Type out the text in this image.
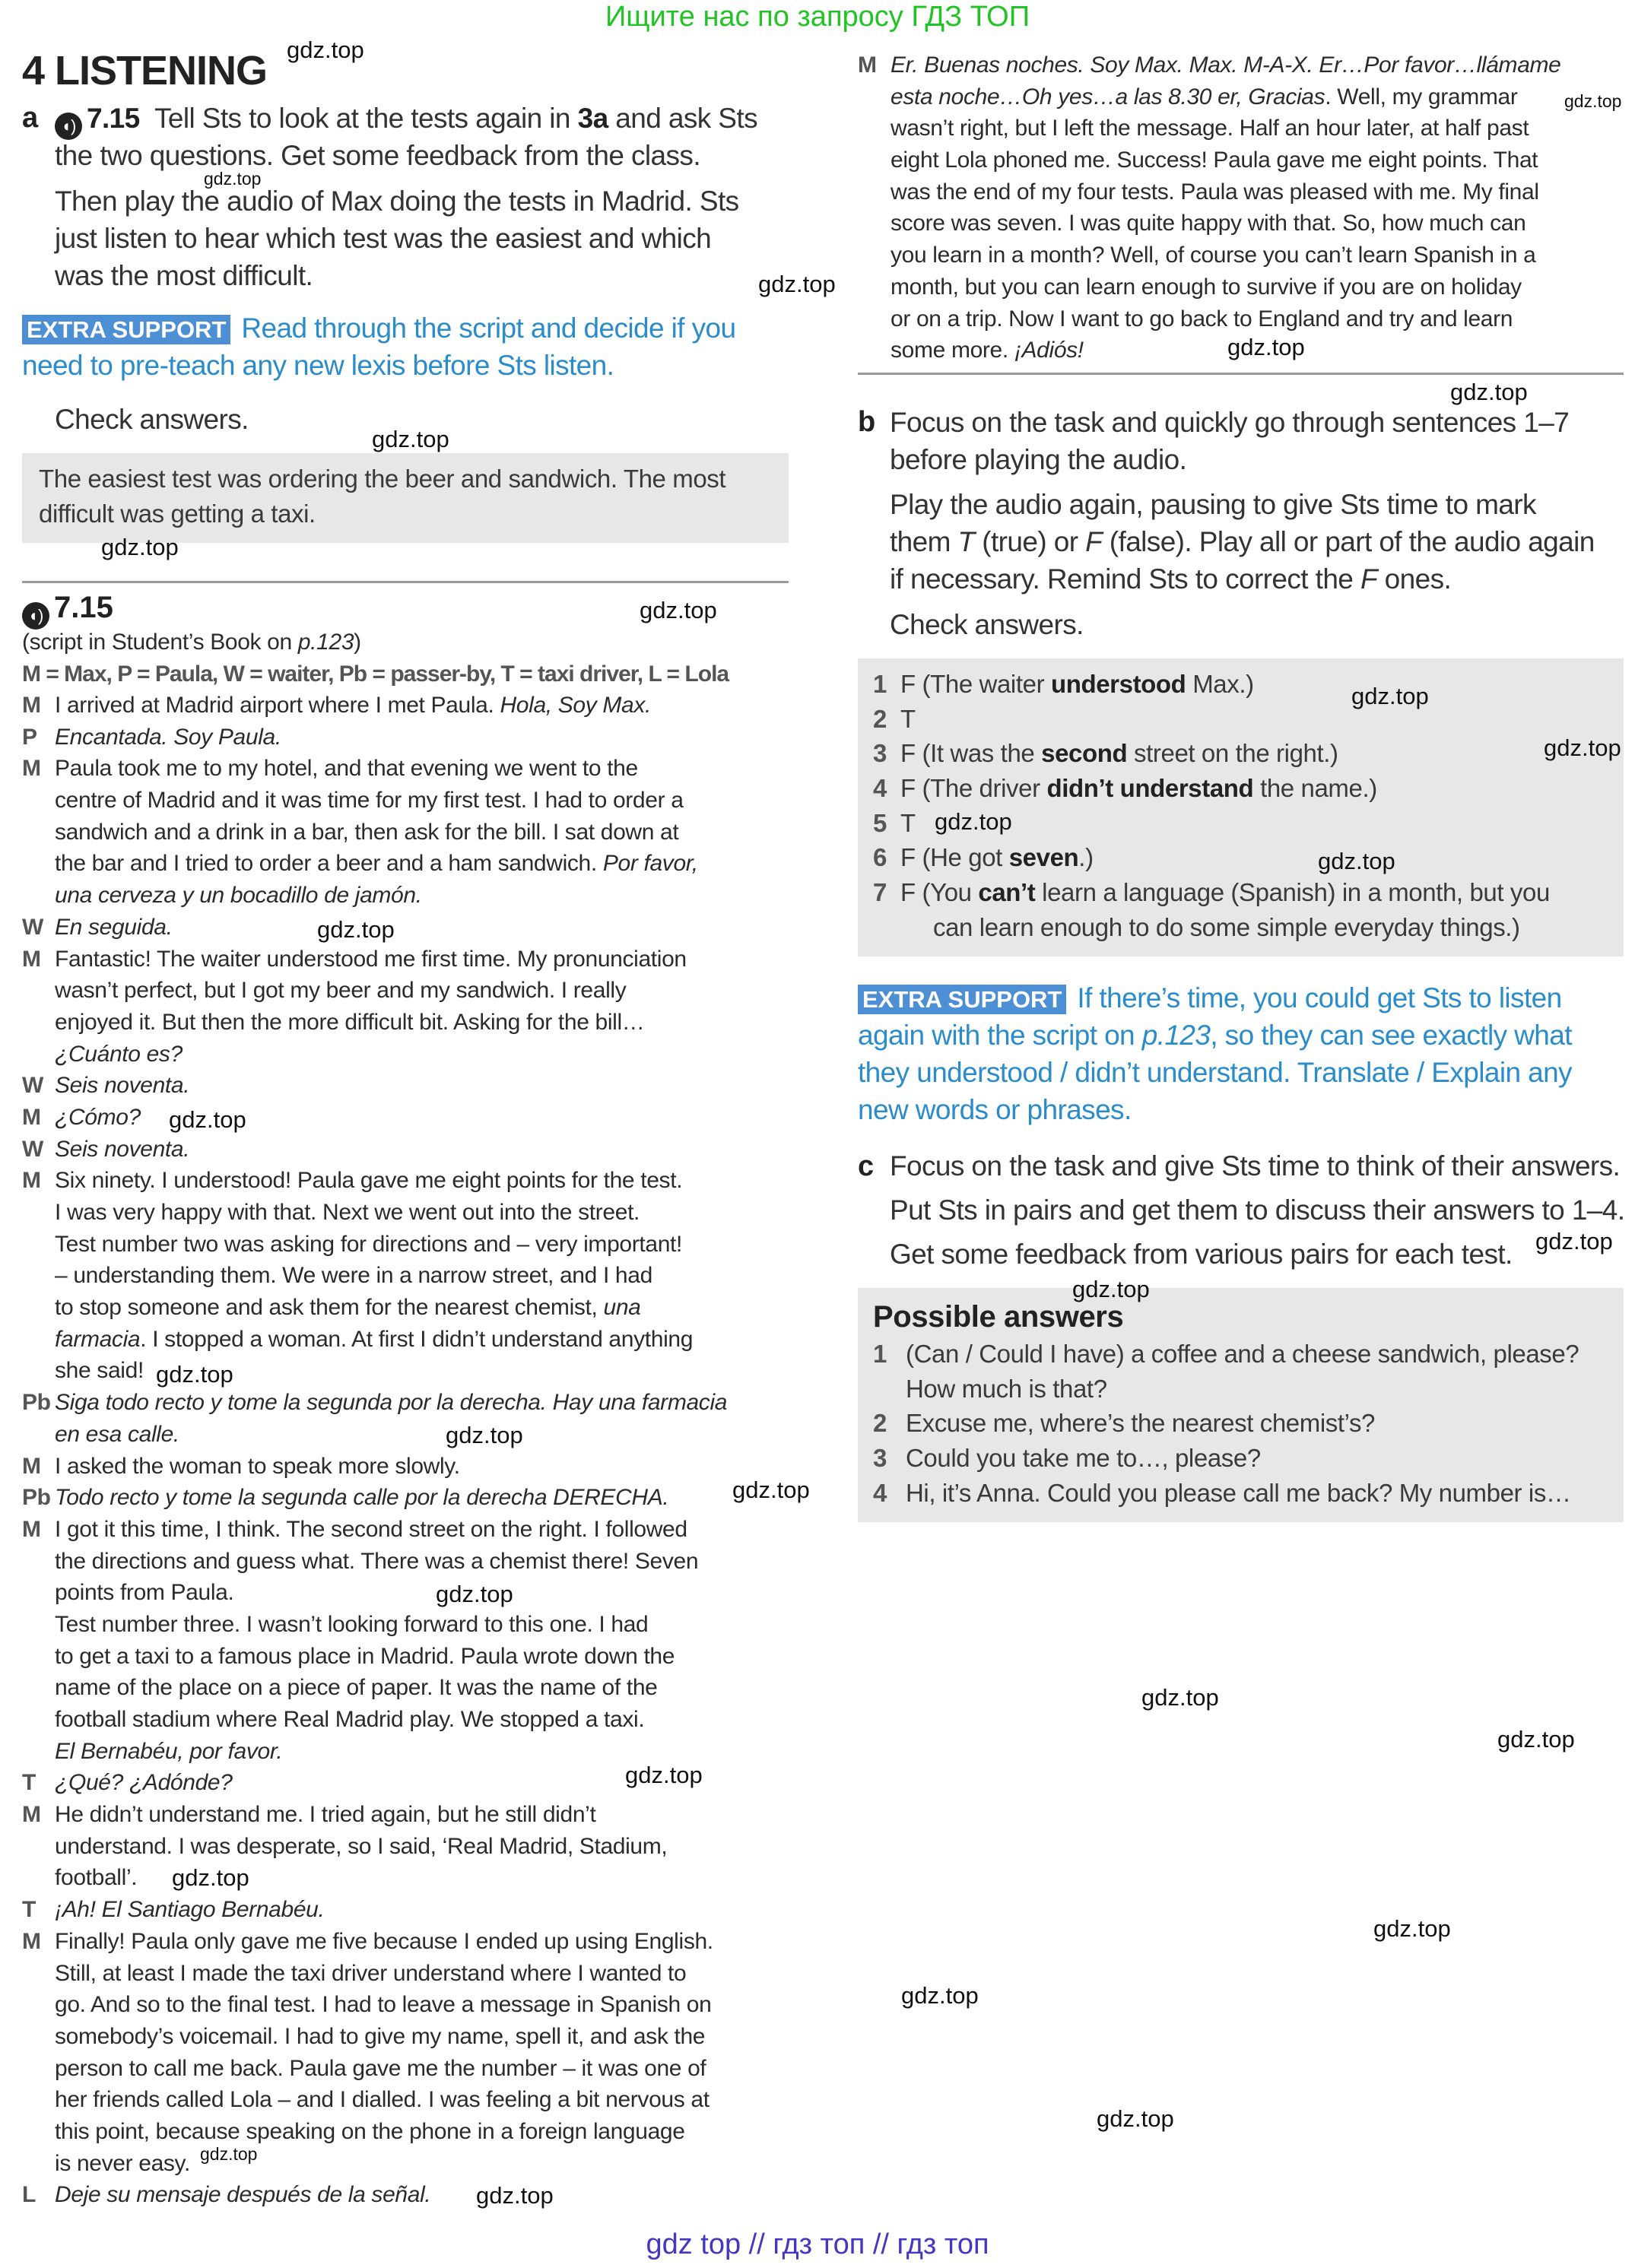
Ищите нас по запросу ГДЗ ТОП
4 LISTENING
a	◖) 7.15 Tell Sts to look at the tests again in 3a and ask Sts
the two questions. Get some feedback from the class.
Then play the audio of Max doing the tests in Madrid. Sts
just listen to hear which test was the easiest and which
was the most difficult.
EXTRA SUPPORT Read through the script and decide if you
need to pre-teach any new lexis before Sts listen.
Check answers.
The easiest test was ordering the beer and sandwich. The most
difficult was getting a taxi.
◖) 7.15
(script in Student’s Book on p.123)
M = Max, P = Paula, W = waiter, Pb = passer-by, T = taxi driver, L = Lola
M I arrived at Madrid airport where I met Paula. Hola, Soy Max.
P Encantada. Soy Paula.
M Paula took me to my hotel, and that evening we went to the
centre of Madrid and it was time for my first test. I had to order a
sandwich and a drink in a bar, then ask for the bill. I sat down at
the bar and I tried to order a beer and a ham sandwich. Por favor,
una cerveza y un bocadillo de jamón.
W En seguida.
M Fantastic! The waiter understood me first time. My pronunciation
wasn’t perfect, but I got my beer and my sandwich. I really
enjoyed it. But then the more difficult bit. Asking for the bill…
¿Cuánto es?
W Seis noventa.
M ¿Cómo?
W Seis noventa.
M Six ninety. I understood! Paula gave me eight points for the test.
I was very happy with that. Next we went out into the street.
Test number two was asking for directions and – very important!
– understanding them. We were in a narrow street, and I had
to stop someone and ask them for the nearest chemist, una
farmacia. I stopped a woman. At first I didn’t understand anything
she said!
Pb Siga todo recto y tome la segunda por la derecha. Hay una farmacia
en esa calle.
M I asked the woman to speak more slowly.
Pb Todo recto y tome la segunda calle por la derecha DERECHA.
M I got it this time, I think. The second street on the right. I followed
the directions and guess what. There was a chemist there! Seven
points from Paula.
Test number three. I wasn’t looking forward to this one. I had
to get a taxi to a famous place in Madrid. Paula wrote down the
name of the place on a piece of paper. It was the name of the
football stadium where Real Madrid play. We stopped a taxi.
El Bernabéu, por favor.
T ¿Qué? ¿Adónde?
M He didn’t understand me. I tried again, but he still didn’t
understand. I was desperate, so I said, ‘Real Madrid, Stadium,
football’.
T ¡Ah! El Santiago Bernabéu.
M Finally! Paula only gave me five because I ended up using English.
Still, at least I made the taxi driver understand where I wanted to
go. And so to the final test. I had to leave a message in Spanish on
somebody’s voicemail. I had to give my name, spell it, and ask the
person to call me back. Paula gave me the number – it was one of
her friends called Lola – and I dialled. I was feeling a bit nervous at
this point, because speaking on the phone in a foreign language
is never easy.
L Deje su mensaje después de la señal.
M Er. Buenas noches. Soy Max. Max. M-A-X. Er…Por favor…llámame
esta noche…Oh yes…a las 8.30 er, Gracias. Well, my grammar
wasn’t right, but I left the message. Half an hour later, at half past
eight Lola phoned me. Success! Paula gave me eight points. That
was the end of my four tests. Paula was pleased with me. My final
score was seven. I was quite happy with that. So, how much can
you learn in a month? Well, of course you can’t learn Spanish in a
month, but you can learn enough to survive if you are on holiday
or on a trip. Now I want to go back to England and try and learn
some more. ¡Adiós!
b Focus on the task and quickly go through sentences 1–7
before playing the audio.
Play the audio again, pausing to give Sts time to mark
them T (true) or F (false). Play all or part of the audio again
if necessary. Remind Sts to correct the F ones.
Check answers.
1 F (The waiter understood Max.)
2 T
3 F (It was the second street on the right.)
4 F (The driver didn’t understand the name.)
5 T
6 F (He got seven.)
7 F (You can’t learn a language (Spanish) in a month, but you
can learn enough to do some simple everyday things.)
EXTRA SUPPORT If there’s time, you could get Sts to listen
again with the script on p.123, so they can see exactly what
they understood / didn’t understand. Translate / Explain any
new words or phrases.
c Focus on the task and give Sts time to think of their answers.
Put Sts in pairs and get them to discuss their answers to 1–4.
Get some feedback from various pairs for each test.
Possible answers
1 (Can / Could I have) a coffee and a cheese sandwich, please?
How much is that?
2 Excuse me, where’s the nearest chemist’s?
3 Could you take me to…, please?
4 Hi, it’s Anna. Could you please call me back? My number is…
gdz.top
gdz.top
gdz.top
gdz.top
gdz.top
gdz.top
gdz.top
gdz.top
gdz.top
gdz.top
gdz.top
gdz.top
gdz.top
gdz.top
gdz.top
gdz.top
gdz.top
gdz.top
gdz.top
gdz.top
gdz.top
gdz.top
gdz.top
gdz.top
gdz.top
gdz.top
gdz.top
gdz.top
gdz.top
gdz.top
gdz top // гдз топ // гдз топ
